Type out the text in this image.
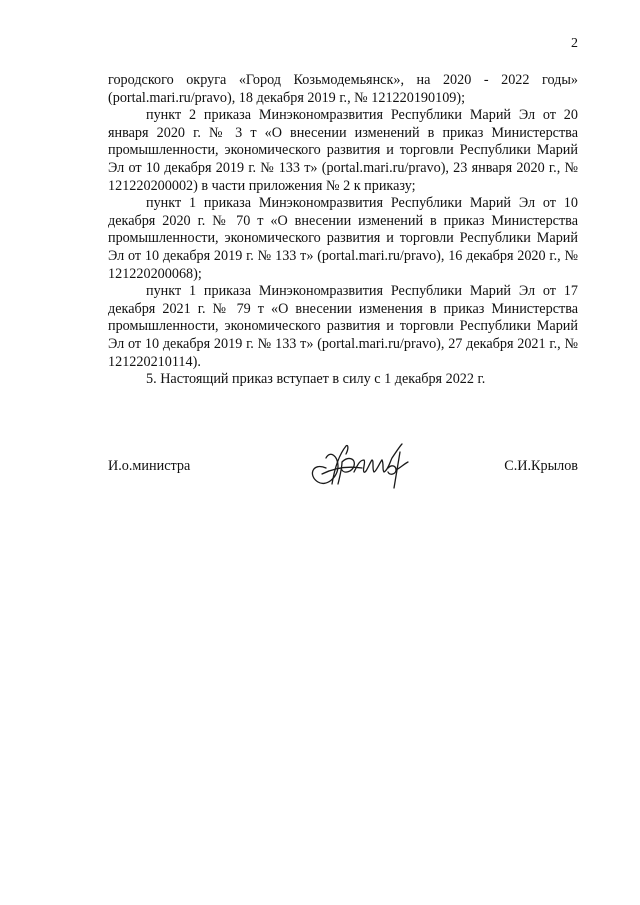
2

городского округа «Город Козьмодемьянск», на 2020 - 2022 годы» (portal.mari.ru/pravo), 18 декабря 2019 г., № 121220190109);

пункт 2 приказа Минэкономразвития Республики Марий Эл от 20 января 2020 г. № 3 т «О внесении изменений в приказ Министерства промышленности, экономического развития и торговли Республики Марий Эл от 10 декабря 2019 г. № 133 т» (portal.mari.ru/pravo), 23 января 2020 г., № 121220200002) в части приложения № 2 к приказу;

пункт 1 приказа Минэкономразвития Республики Марий Эл от 10 декабря 2020 г. № 70 т «О внесении изменений в приказ Министерства промышленности, экономического развития и торговли Республики Марий Эл от 10 декабря 2019 г. № 133 т» (portal.mari.ru/pravo), 16 декабря 2020 г., № 121220200068);

пункт 1 приказа Минэкономразвития Республики Марий Эл от 17 декабря 2021 г. № 79 т «О внесении изменения в приказ Министерства промышленности, экономического развития и торговли Республики Марий Эл от 10 декабря 2019 г. № 133 т» (portal.mari.ru/pravo), 27 декабря 2021 г., № 121220210114).

5. Настоящий приказ вступает в силу с 1 декабря 2022 г.

И.о.министра	С.И.Крылов
